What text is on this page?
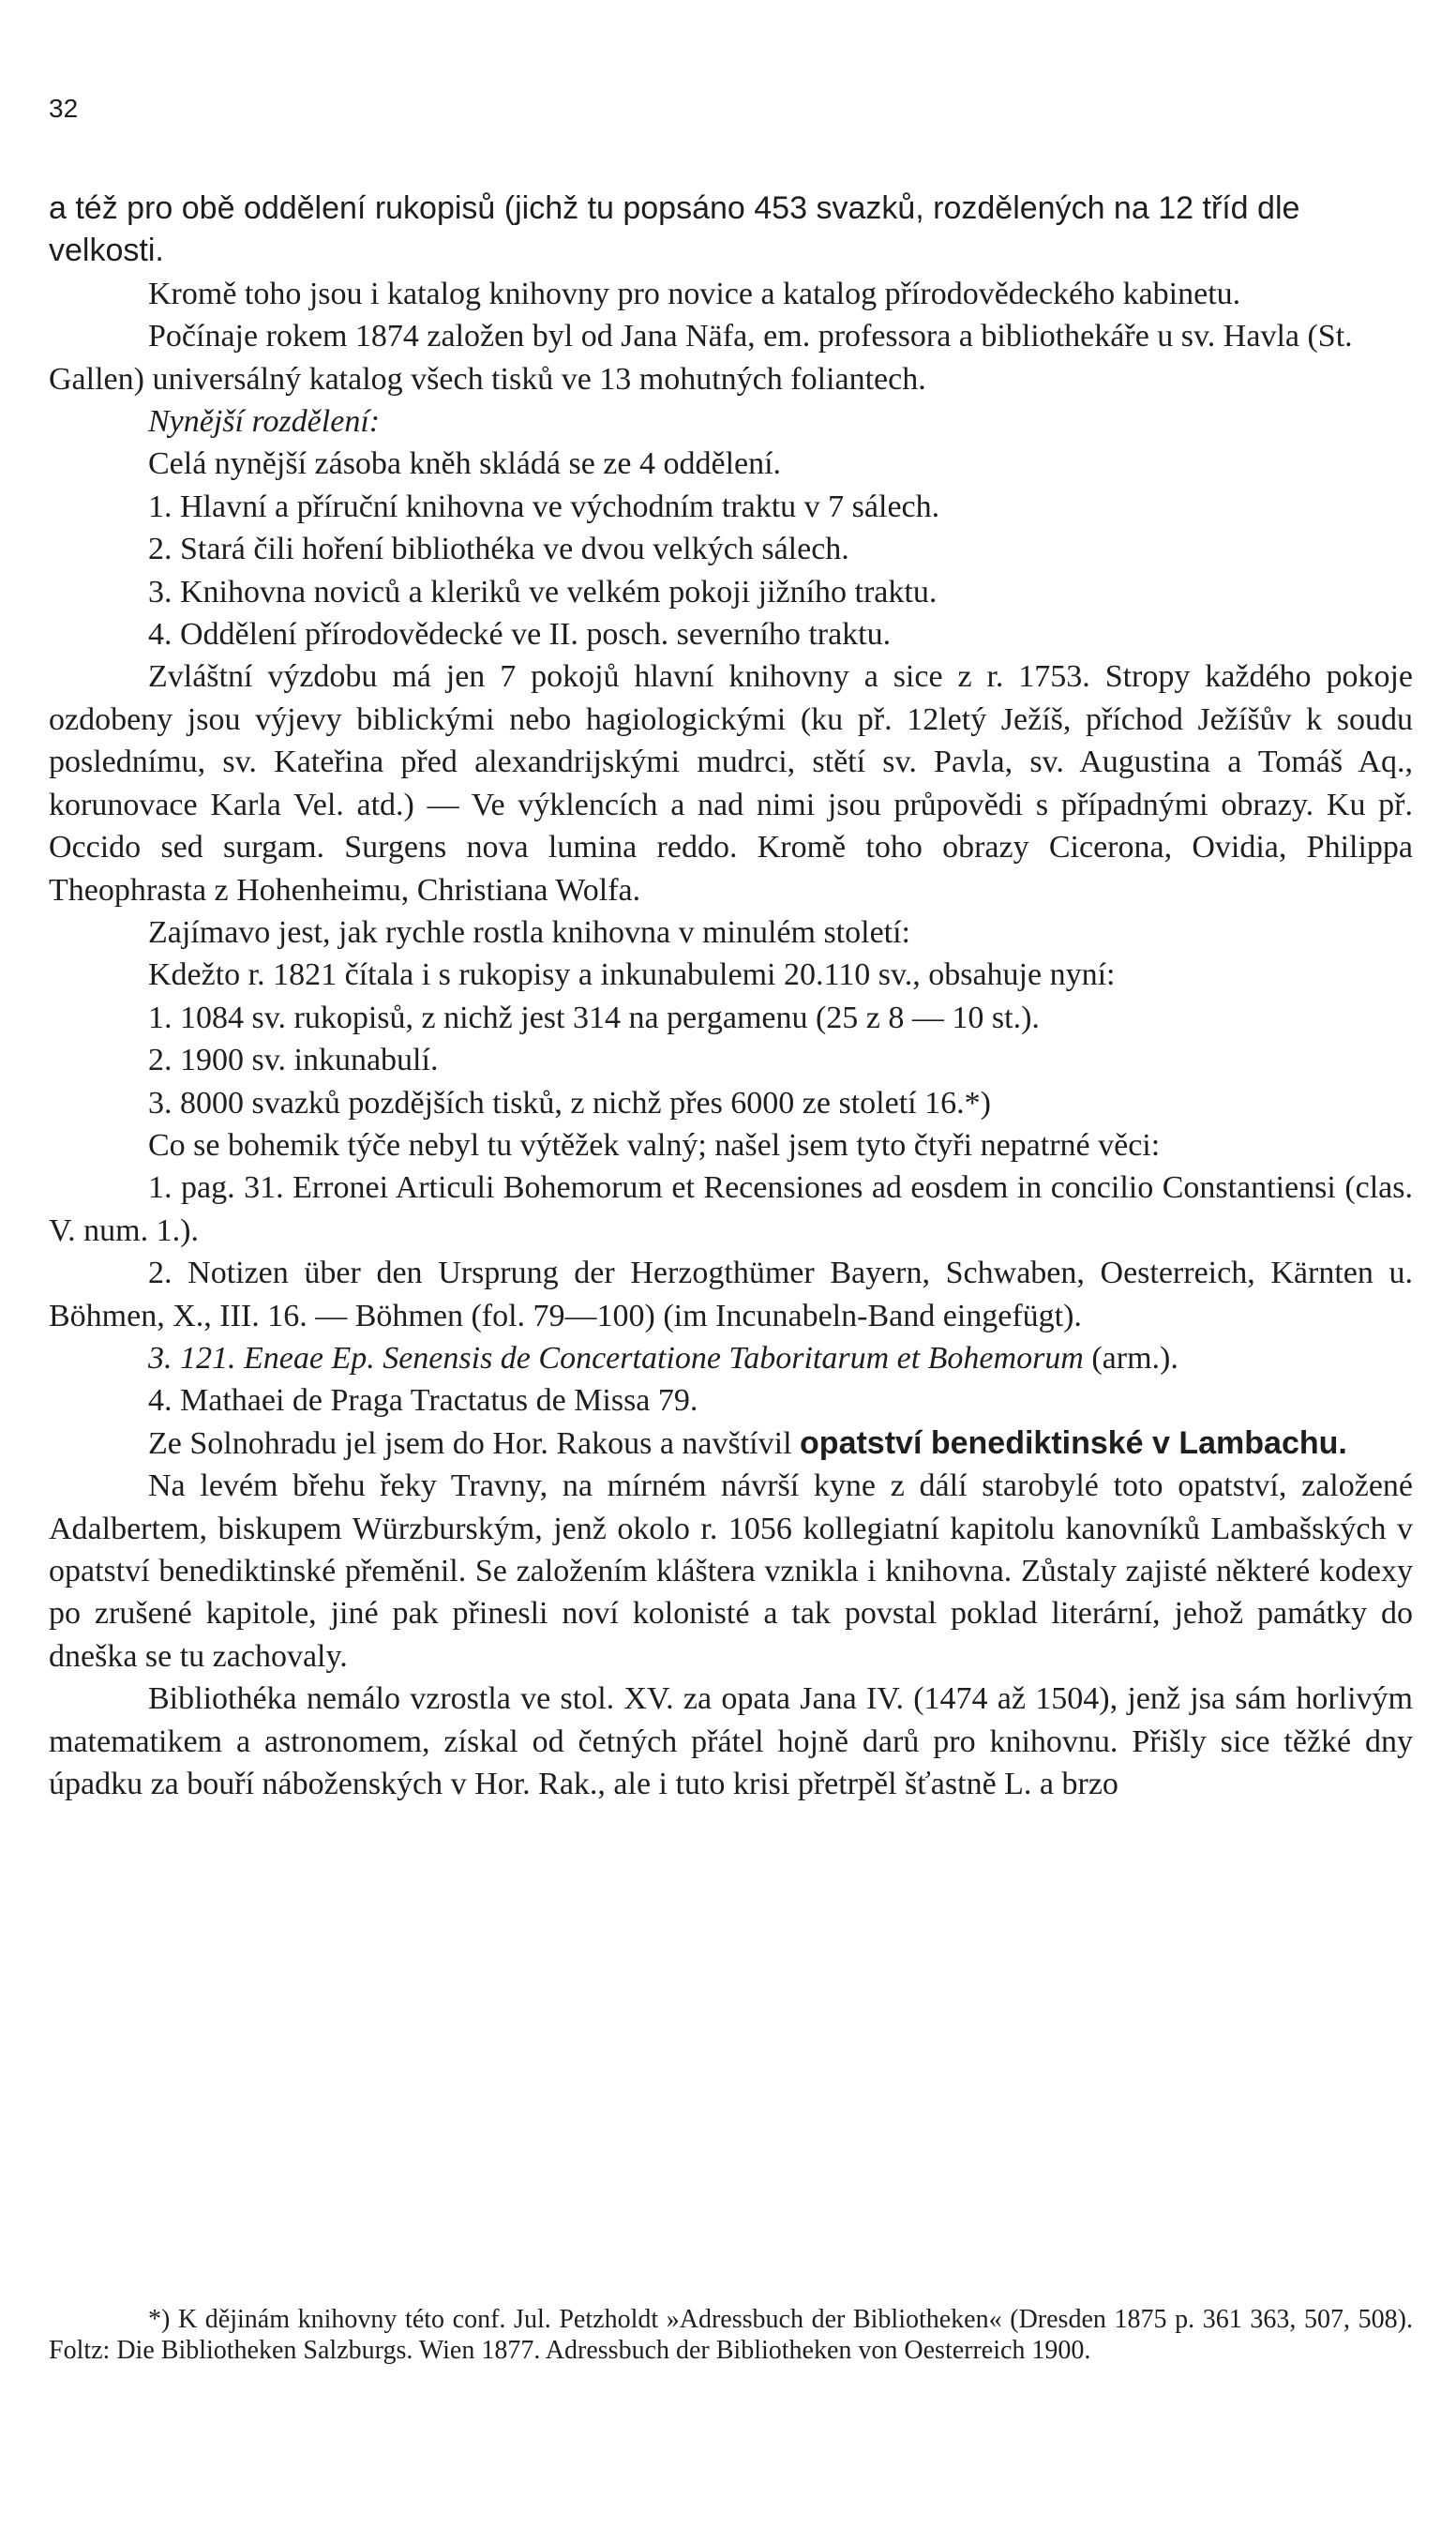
32

a též pro obě oddělení rukopisů (jichž tu popsáno 453 svazků, rozdělených na 12 tříd dle velkosti.

Kromě toho jsou i katalog knihovny pro novice a katalog přírodovědeckého kabinetu.

Počínaje rokem 1874 založen byl od Jana Näfa, em. professora a bibliothekáře u sv. Havla (St. Gallen) universálný katalog všech tisků ve 13 mohutných foliantech.

Nynější rozdělení:

Celá nynější zásoba kněh skládá se ze 4 oddělení.

1. Hlavní a příruční knihovna ve východním traktu v 7 sálech.

2. Stará čili hoření bibliothéka ve dvou velkých sálech.

3. Knihovna noviců a kleriků ve velkém pokoji jižního traktu.

4. Oddělení přírodovědecké ve II. posch. severního traktu.

Zvláštní výzdobu má jen 7 pokojů hlavní knihovny a sice z r. 1753. Stropy každého pokoje ozdobeny jsou výjevy biblickými nebo hagiologickými (ku př. 12letý Ježíš, příchod Ježíšův k soudu poslednímu, sv. Kateřina před alexandrijskými mudrci, stětí sv. Pavla, sv. Augustina a Tomáš Aq., korunovace Karla Vel. atd.) — Ve výklencích a nad nimi jsou průpovědi s případnými obrazy. Ku př. Occido sed surgam. Surgens nova lumina reddo. Kromě toho obrazy Cicerona, Ovidia, Philippa Theophrasta z Hohenheimu, Christiana Wolfa.

Zajímavo jest, jak rychle rostla knihovna v minulém století:

Kdežto r. 1821 čítala i s rukopisy a inkunabulemi 20.110 sv., obsahuje nyní:

1. 1084 sv. rukopisů, z nichž jest 314 na pergamenu (25 z 8 — 10 st.).

2. 1900 sv. inkunabulí.

3. 8000 svazků pozdějších tisků, z nichž přes 6000 ze století 16.*)

Co se bohemik týče nebyl tu výtěžek valný; našel jsem tyto čtyři nepatrné věci:

1. pag. 31. Erronei Articuli Bohemorum et Recensiones ad eosdem in concilio Constantiensi (clas. V. num. 1.).

2. Notizen über den Ursprung der Herzogthümer Bayern, Schwaben, Oesterreich, Kärnten u. Böhmen, X., III. 16. — Böhmen (fol. 79—100) (im Incunabeln-Band eingefügt).

3. 121. Eneae Ep. Senensis de Concertatione Taboritarum et Bohemorum (arm.).

4. Mathaei de Praga Tractatus de Missa 79.

Ze Solnohradu jel jsem do Hor. Rakous a navštívil opatství benediktinské v Lambachu.

Na levém břehu řeky Travny, na mírném návrší kyne z dálí starobylé toto opatství, založené Adalbertem, biskupem Würzburským, jenž okolo r. 1056 kollegiatní kapitolu kanovníků Lambašských v opatství benediktinské přeměnil. Se založením kláštera vznikla i knihovna. Zůstaly zajisté některé kodexy po zrušené kapitole, jiné pak přinesli noví kolonisté a tak povstal poklad literární, jehož památky do dneška se tu zachovaly.

Bibliothéka nemálo vzrostla ve stol. XV. za opata Jana IV. (1474 až 1504), jenž jsa sám horlivým matematikem a astronomem, získal od četných přátel hojně darů pro knihovnu. Přišly sice těžké dny úpadku za bouří náboženských v Hor. Rak., ale i tuto krisi přetrpěl šťastně L. a brzo

*) K dějinám knihovny této conf. Jul. Petzholdt »Adressbuch der Bibliotheken« (Dresden 1875 p. 361 363, 507, 508). Foltz: Die Bibliotheken Salzburgs. Wien 1877. Adressbuch der Bibliotheken von Oesterreich 1900.
